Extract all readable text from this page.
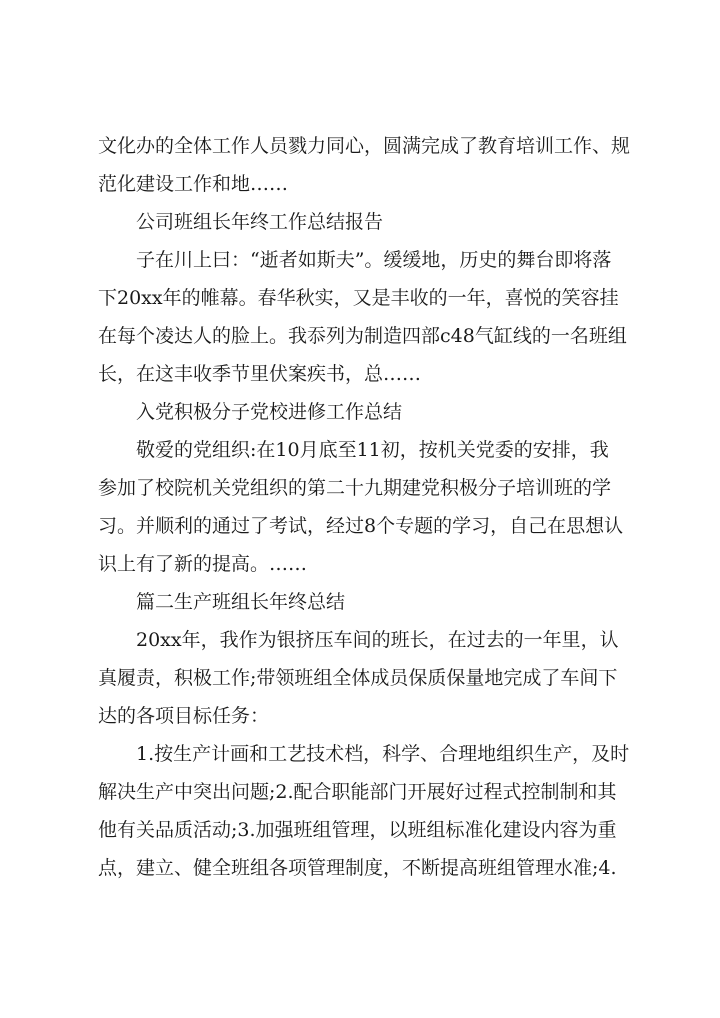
文化办的全体工作人员戮力同心，圆满完成了教育培训工作、规
范化建设工作和地……
公司班组长年终工作总结报告
子在川上曰：“逝者如斯夫”。缓缓地，历史的舞台即将落
下20xx年的帷幕。春华秋实，又是丰收的一年，喜悦的笑容挂
在每个凌达人的脸上。我忝列为制造四部c48气缸线的一名班组
长，在这丰收季节里伏案疾书，总……
入党积极分子党校进修工作总结
敬爱的党组织:在10月底至11初，按机关党委的安排，我
参加了校院机关党组织的第二十九期建党积极分子培训班的学
习。并顺利的通过了考试，经过8个专题的学习，自己在思想认
识上有了新的提高。……
篇二生产班组长年终总结
20xx年，我作为银挤压车间的班长，在过去的一年里，认
真履责，积极工作;带领班组全体成员保质保量地完成了车间下
达的各项目标任务：
1.按生产计画和工艺技术档，科学、合理地组织生产，及时
解决生产中突出问题;2.配合职能部门开展好过程式控制制和其
他有关品质活动;3.加强班组管理，以班组标准化建设内容为重
点，建立、健全班组各项管理制度，不断提高班组管理水准;4.
